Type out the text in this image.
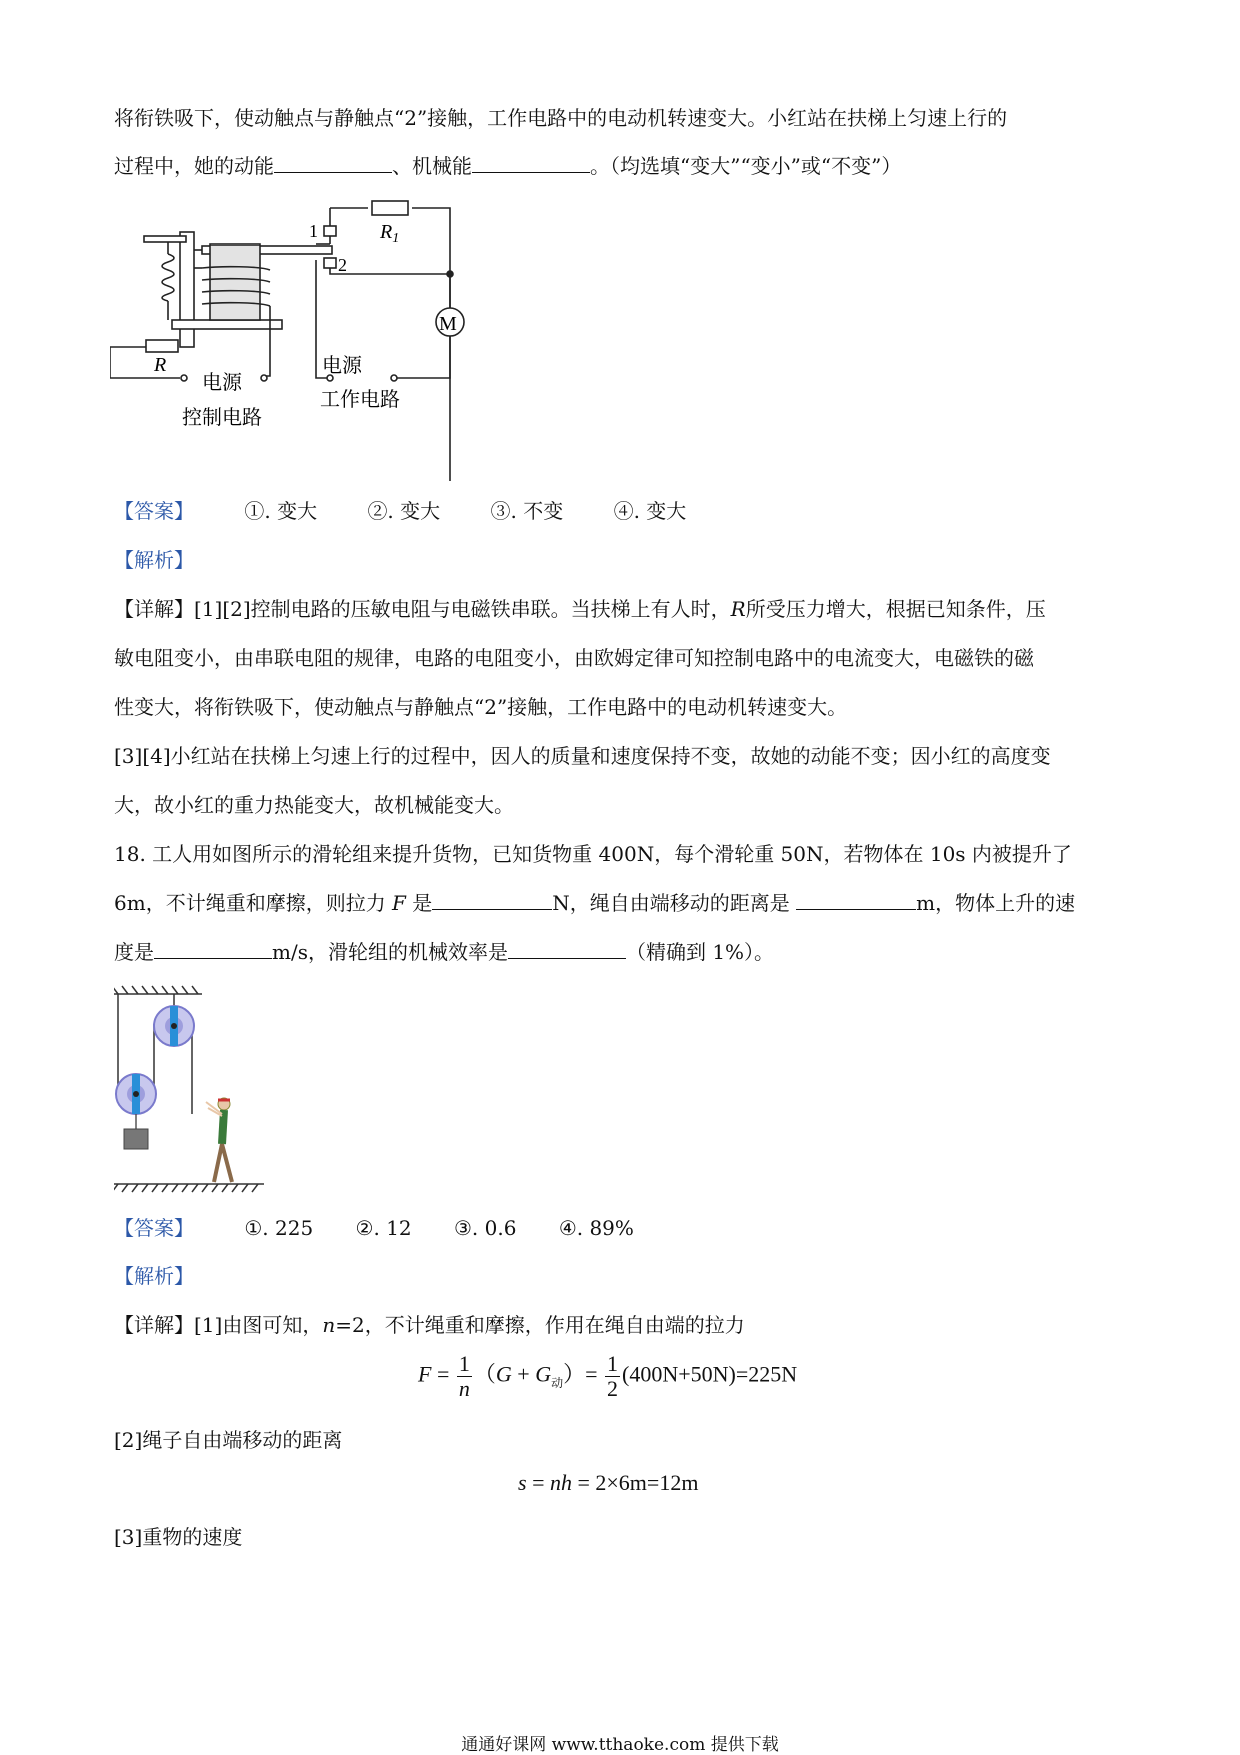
将衔铁吸下，使动触点与静触点“2”接触，工作电路中的电动机转速变大。小红站在扶梯上匀速上行的
过程中，她的动能	、机械能	。（均选填“变大”“变小”或“不变”）
$R_1$
1
2
M
R
电源
控制电路
电源
工作电路
【答案】	①. 变大	②. 变大	③. 不变	④. 变大
【解析】
【详解】[1][2]控制电路的压敏电阻与电磁铁串联。当扶梯上有人时，R所受压力增大，根据已知条件，压
敏电阻变小，由串联电阻的规律，电路的电阻变小，由欧姆定律可知控制电路中的电流变大，电磁铁的磁
性变大，将衔铁吸下，使动触点与静触点“2”接触，工作电路中的电动机转速变大。
[3][4]小红站在扶梯上匀速上行的过程中，因人的质量和速度保持不变，故她的动能不变；因小红的高度变
大，故小红的重力热能变大，故机械能变大。
18. 工人用如图所示的滑轮组来提升货物，已知货物重 400N，每个滑轮重 50N，若物体在 10s 内被提升了
6m，不计绳重和摩擦，则拉力 F 是	N，绳自由端移动的距离是	m，物体上升的速
度是	m/s，滑轮组的机械效率是	（精确到 1%）。
【答案】	①. 225 ②. 12 ③. 0.6 ④. 89%
【解析】
【详解】[1]由图可知，n=2，不计绳重和摩擦，作用在绳自由端的拉力
$F = \frac{1}{n} (G + G_动)= \frac{1}{2} (400N+50N)=225N$
[2]绳子自由端移动的距离
s = nh = 2×6m=12m
[3]重物的速度
通通好课网 www.tthaoke.com 提供下载
